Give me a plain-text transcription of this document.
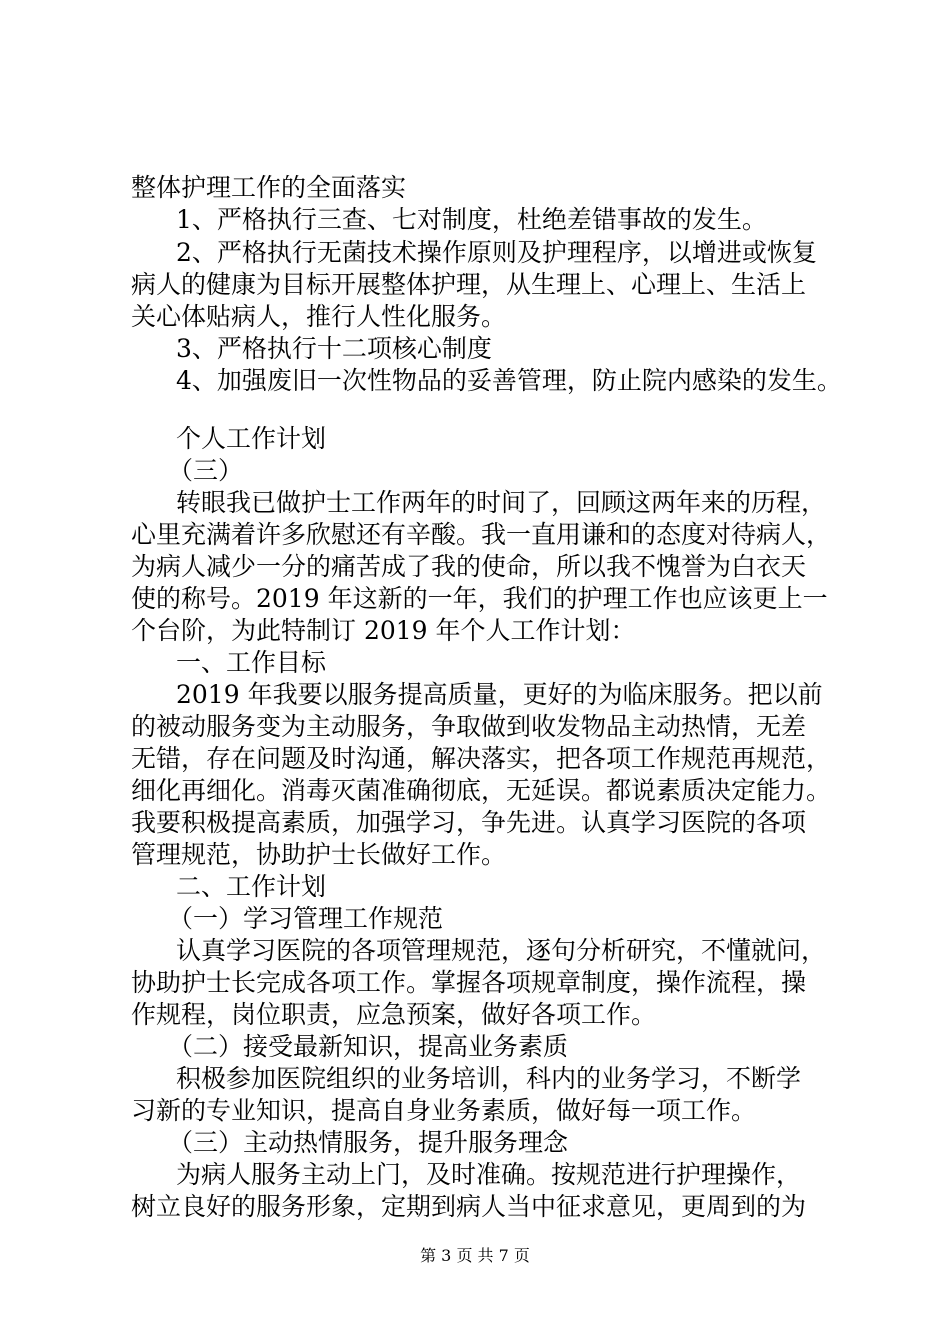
整体护理工作的全面落实
1、严格执行三查、七对制度，杜绝差错事故的发生。
2、严格执行无菌技术操作原则及护理程序，以增进或恢复
病人的健康为目标开展整体护理，从生理上、心理上、生活上
关心体贴病人，推行人性化服务。
3、严格执行十二项核心制度
4、加强废旧一次性物品的妥善管理，防止院内感染的发生。
个人工作计划
（三）
转眼我已做护士工作两年的时间了，回顾这两年来的历程，
心里充满着许多欣慰还有辛酸。我一直用谦和的态度对待病人，
为病人减少一分的痛苦成了我的使命，所以我不愧誉为白衣天
使的称号。2019 年这新的一年，我们的护理工作也应该更上一
个台阶，为此特制订 2019 年个人工作计划：
一、工作目标
2019 年我要以服务提高质量，更好的为临床服务。把以前
的被动服务变为主动服务，争取做到收发物品主动热情，无差
无错，存在问题及时沟通，解决落实，把各项工作规范再规范，
细化再细化。消毒灭菌准确彻底，无延误。都说素质决定能力。
我要积极提高素质，加强学习，争先进。认真学习医院的各项
管理规范，协助护士长做好工作。
二、工作计划
（一）学习管理工作规范
认真学习医院的各项管理规范，逐句分析研究，不懂就问，
协助护士长完成各项工作。掌握各项规章制度，操作流程，操
作规程，岗位职责，应急预案，做好各项工作。
（二）接受最新知识，提高业务素质
积极参加医院组织的业务培训，科内的业务学习，不断学
习新的专业知识，提高自身业务素质，做好每一项工作。
（三）主动热情服务，提升服务理念
为病人服务主动上门，及时准确。按规范进行护理操作，
树立良好的服务形象，定期到病人当中征求意见，更周到的为
第 3 页 共 7 页
